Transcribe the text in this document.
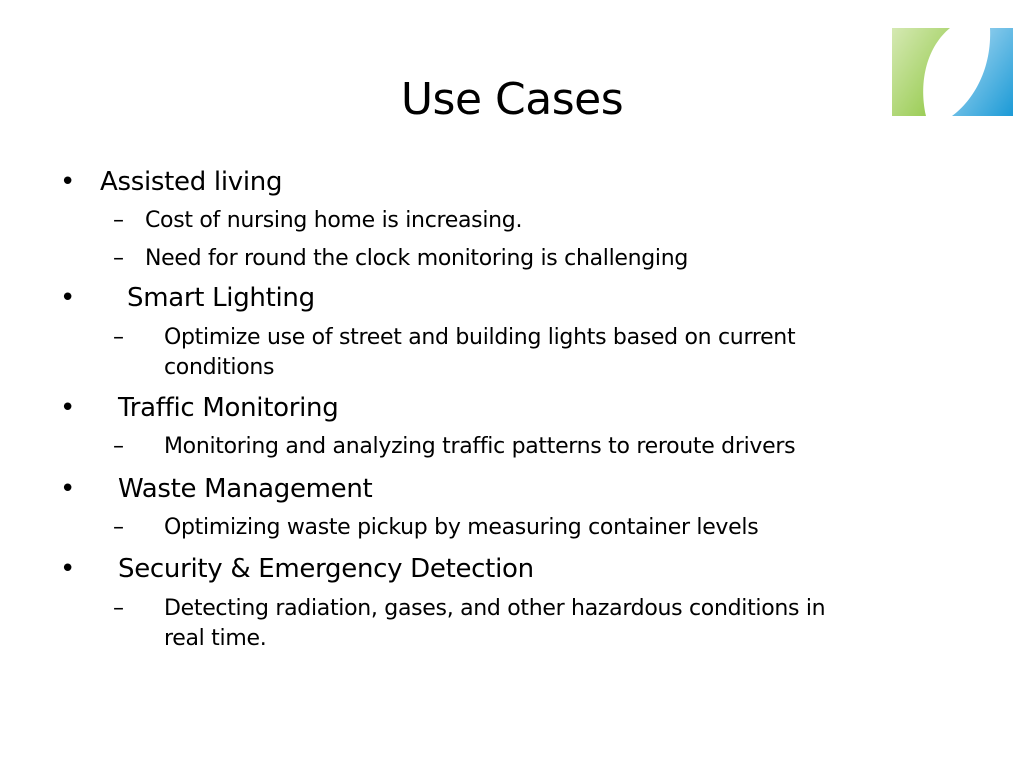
Use Cases
• Assisted living
– Cost of nursing home is increasing.
– Need for round the clock monitoring is challenging
• Smart Lighting
– Optimize use of street and building lights based on current
conditions
• Traffic Monitoring
– Monitoring and analyzing traffic patterns to reroute drivers
• Waste Management
– Optimizing waste pickup by measuring container levels
• Security & Emergency Detection
– Detecting radiation, gases, and other hazardous conditions in
real time.
